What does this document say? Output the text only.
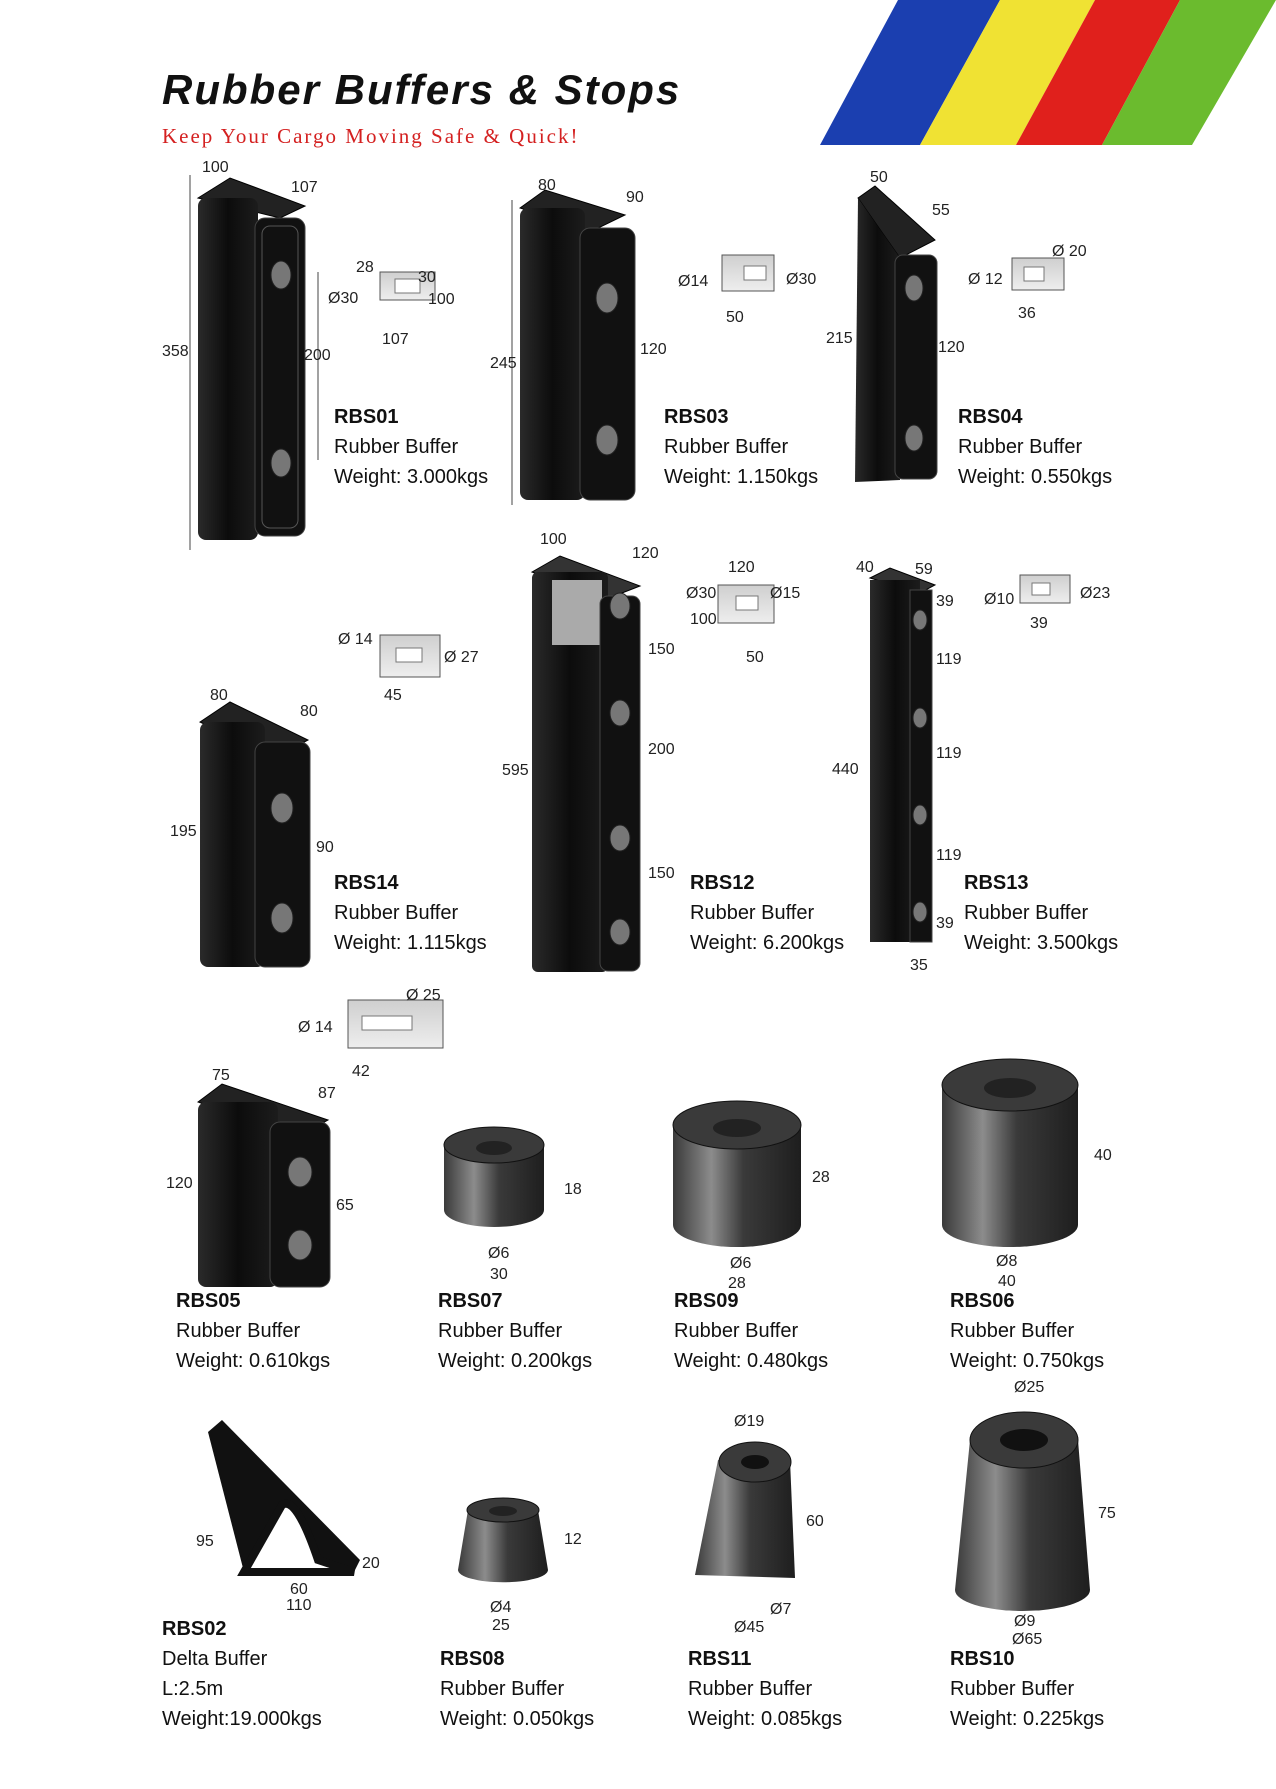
Rubber Buffers & Stops
Keep Your Cargo Moving Safe & Quick!
100
107
358	200
28
30
Ø30	100
107
80
90
245
120
Ø14	Ø30
50
50
55
215
120
Ø 20
Ø 12
36
80
80
195
90
Ø 14
Ø 27
45
100
120
595
150
200
150
120
Ø30	Ø15
100
50
40	59
39
119
119
119
39
440
35
Ø10	Ø23
39
75
87
120
65
Ø 25
Ø 14
42
18
Ø6
30
28
Ø6
28
40
Ø8
40
95
20
60
110
12
Ø4
25
Ø19
60
Ø7
Ø45
Ø25
75
Ø9
Ø65
RBS01
Rubber Buffer
Weight: 3.000kgs
RBS03
Rubber Buffer
Weight: 1.150kgs
RBS04
Rubber Buffer
Weight: 0.550kgs
RBS14
Rubber Buffer
Weight: 1.115kgs
RBS12
Rubber Buffer
Weight: 6.200kgs
RBS13
Rubber Buffer
Weight: 3.500kgs
RBS05
Rubber Buffer
Weight: 0.610kgs
RBS07
Rubber Buffer
Weight: 0.200kgs
RBS09
Rubber Buffer
Weight: 0.480kgs
RBS06
Rubber Buffer
Weight: 0.750kgs
RBS02
Delta Buffer
L:2.5m
Weight:19.000kgs
RBS08
Rubber Buffer
Weight: 0.050kgs
RBS11
Rubber Buffer
Weight: 0.085kgs
RBS10
Rubber Buffer
Weight: 0.225kgs
